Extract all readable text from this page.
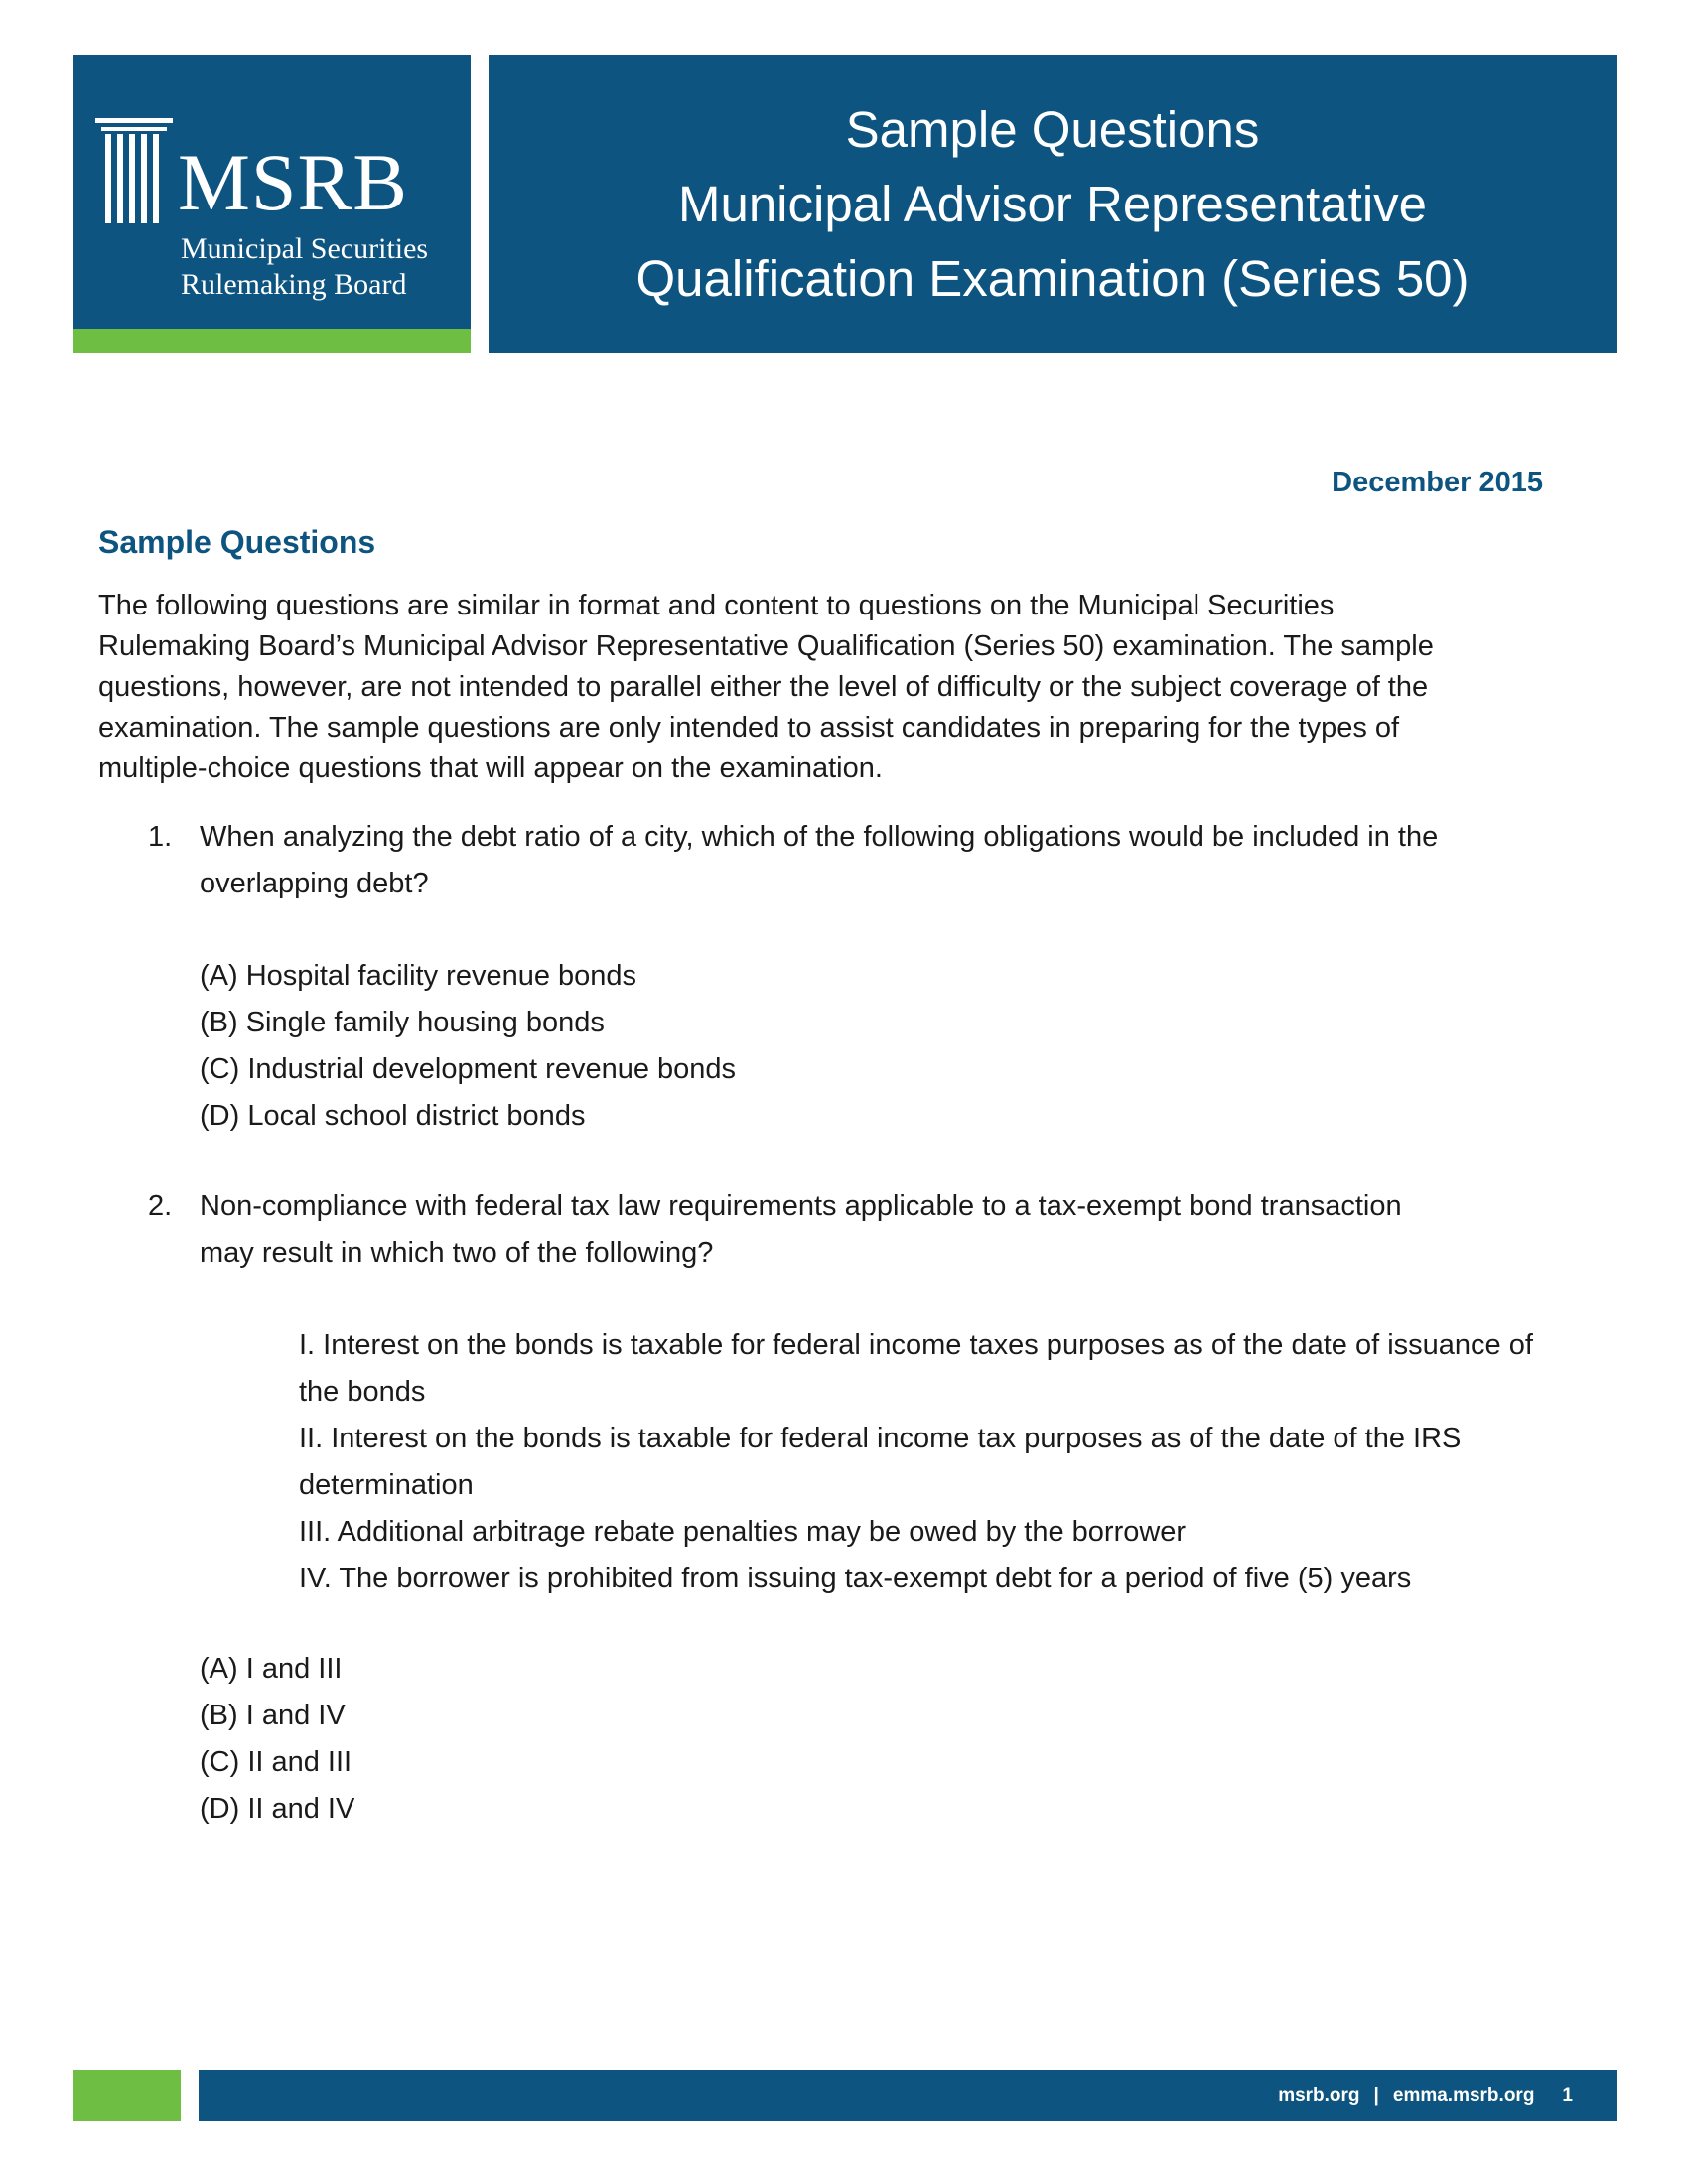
MSRB
Municipal Securities
Rulemaking Board
Sample Questions
Municipal Advisor Representative
Qualification Examination (Series 50)
December 2015
Sample Questions
The following questions are similar in format and content to questions on the Municipal Securities
Rulemaking Board’s Municipal Advisor Representative Qualification (Series 50) examination. The sample
questions, however, are not intended to parallel either the level of difficulty or the subject coverage of the
examination. The sample questions are only intended to assist candidates in preparing for the types of
multiple-choice questions that will appear on the examination.
1. When analyzing the debt ratio of a city, which of the following obligations would be included in the
overlapping debt?
(A) Hospital facility revenue bonds
(B) Single family housing bonds
(C) Industrial development revenue bonds
(D) Local school district bonds
2. Non-compliance with federal tax law requirements applicable to a tax-exempt bond transaction
may result in which two of the following?
I. Interest on the bonds is taxable for federal income taxes purposes as of the date of issuance of the bonds
II. Interest on the bonds is taxable for federal income tax purposes as of the date of the IRS determination
III. Additional arbitrage rebate penalties may be owed by the borrower
IV. The borrower is prohibited from issuing tax-exempt debt for a period of five (5) years
(A) I and III
(B) I and IV
(C) II and III
(D) II and IV
msrb.org | emma.msrb.org 1
